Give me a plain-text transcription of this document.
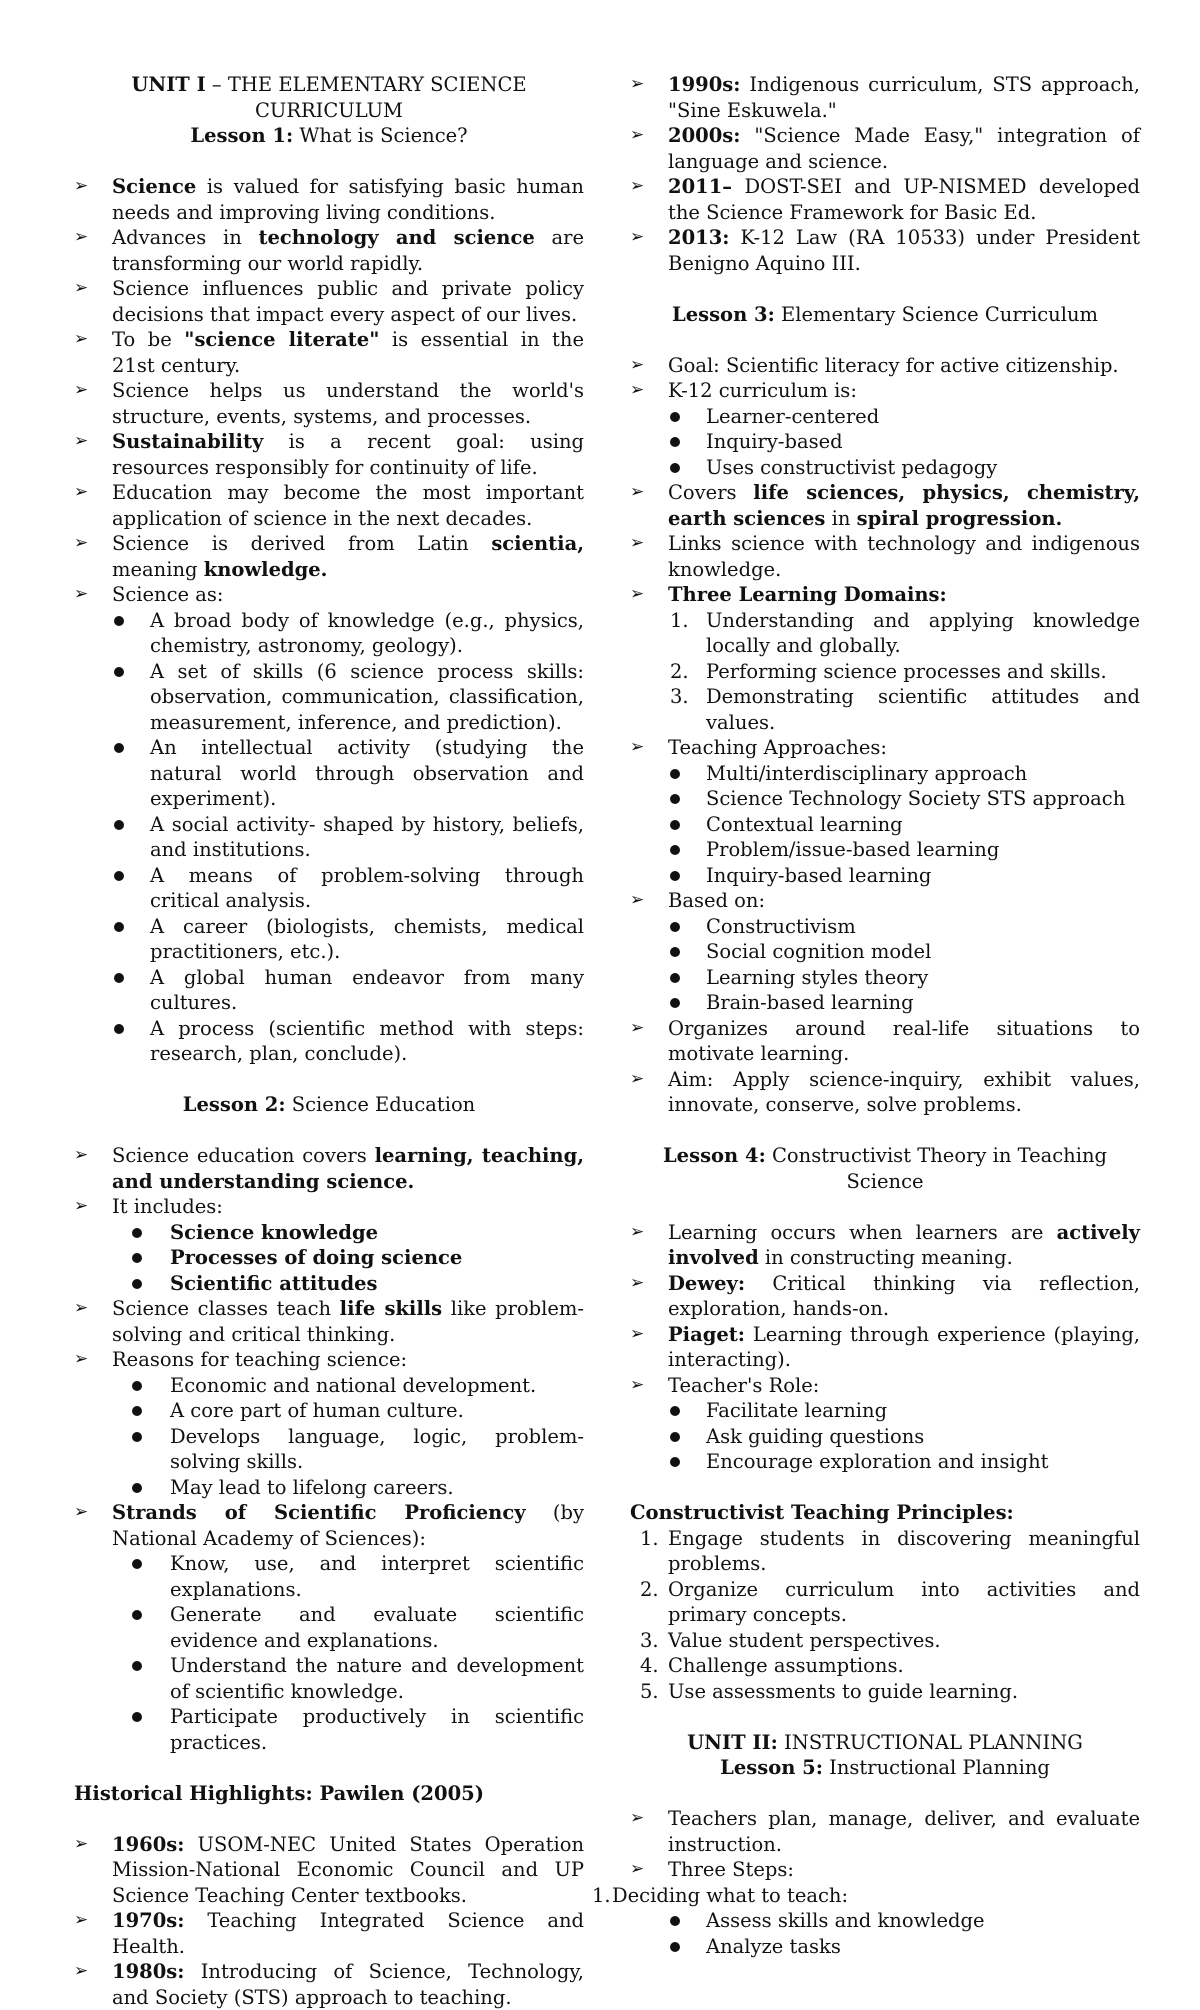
UNIT I – THE ELEMENTARY SCIENCE CURRICULUM

Lesson 1: What is Science?

➢ Science is valued for satisfying basic human needs and improving living conditions.
➢ Advances in technology and science are transforming our world rapidly.
➢ Science influences public and private policy decisions that impact every aspect of our lives.
➢ To be "science literate" is essential in the 21st century.
➢ Science helps us understand the world's structure, events, systems, and processes.
➢ Sustainability is a recent goal: using resources responsibly for continuity of life.
➢ Education may become the most important application of science in the next decades.
➢ Science is derived from Latin scientia, meaning knowledge.
➢ Science as:
A broad body of knowledge (e.g., physics, chemistry, astronomy, geology).
A set of skills (6 science process skills: observation, communication, classification, measurement, inference, and prediction).
An intellectual activity (studying the natural world through observation and experiment).
A social activity- shaped by history, beliefs, and institutions.
A means of problem-solving through critical analysis.
A career (biologists, chemists, medical practitioners, etc.).
A global human endeavor from many cultures.
A process (scientific method with steps: research, plan, conclude).

Lesson 2: Science Education

➢ Science education covers learning, teaching, and understanding science.
➢ It includes:
Science knowledge
Processes of doing science
Scientific attitudes
➢ Science classes teach life skills like problem-solving and critical thinking.
➢ Reasons for teaching science:
Economic and national development.
A core part of human culture.
Develops language, logic, problem-solving skills.
May lead to lifelong careers.
➢ Strands of Scientific Proficiency (by National Academy of Sciences):
Know, use, and interpret scientific explanations.
Generate and evaluate scientific evidence and explanations.
Understand the nature and development of scientific knowledge.
Participate productively in scientific practices.

Historical Highlights: Pawilen (2005)

➢ 1960s: USOM-NEC United States Operation Mission-National Economic Council and UP Science Teaching Center textbooks.
➢ 1970s: Teaching Integrated Science and Health.
➢ 1980s: Introducing of Science, Technology, and Society (STS) approach to teaching.
➢ 1990s: Indigenous curriculum, STS approach, "Sine Eskuwela."
➢ 2000s: "Science Made Easy," integration of language and science.
➢ 2011– DOST-SEI and UP-NISMED developed the Science Framework for Basic Ed.
➢ 2013: K-12 Law (RA 10533) under President Benigno Aquino III.

Lesson 3: Elementary Science Curriculum

➢ Goal: Scientific literacy for active citizenship.
➢ K-12 curriculum is:
Learner-centered
Inquiry-based
Uses constructivist pedagogy
➢ Covers life sciences, physics, chemistry, earth sciences in spiral progression.
➢ Links science with technology and indigenous knowledge.
➢ Three Learning Domains:
1. Understanding and applying knowledge locally and globally.
2. Performing science processes and skills.
3. Demonstrating scientific attitudes and values.
➢ Teaching Approaches:
Multi/interdisciplinary approach
Science Technology Society STS approach
Contextual learning
Problem/issue-based learning
Inquiry-based learning
➢ Based on:
Constructivism
Social cognition model
Learning styles theory
Brain-based learning
➢ Organizes around real-life situations to motivate learning.
➢ Aim: Apply science-inquiry, exhibit values, innovate, conserve, solve problems.

Lesson 4: Constructivist Theory in Teaching Science

➢ Learning occurs when learners are actively involved in constructing meaning.
➢ Dewey: Critical thinking via reflection, exploration, hands-on.
➢ Piaget: Learning through experience (playing, interacting).
➢ Teacher's Role:
Facilitate learning
Ask guiding questions
Encourage exploration and insight

Constructivist Teaching Principles:

1. Engage students in discovering meaningful problems.
2. Organize curriculum into activities and primary concepts.
3. Value student perspectives.
4. Challenge assumptions.
5. Use assessments to guide learning.

UNIT II: INSTRUCTIONAL PLANNING

Lesson 5: Instructional Planning

➢ Teachers plan, manage, deliver, and evaluate instruction.
➢ Three Steps:
1. Deciding what to teach:
Assess skills and knowledge
Analyze tasks
